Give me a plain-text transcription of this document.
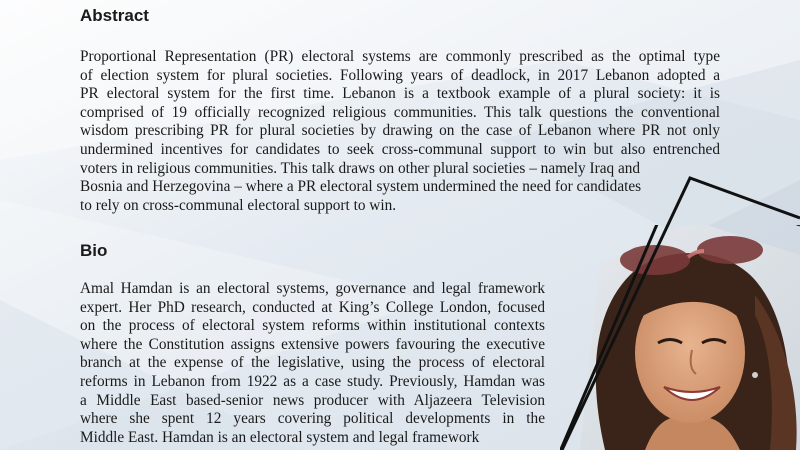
Abstract
Proportional Representation (PR) electoral systems are commonly prescribed as the optimal type
of election system for plural societies. Following years of deadlock, in 2017 Lebanon adopted a
PR electoral system for the first time. Lebanon is a textbook example of a plural society: it is
comprised of 19 officially recognized religious communities. This talk questions the conventional
wisdom prescribing PR for plural societies by drawing on the case of Lebanon where PR not only
undermined incentives for candidates to seek cross-communal support to win but also entrenched
voters in religious communities. This talk draws on other plural societies – namely Iraq and
Bosnia and Herzegovina – where a PR electoral system undermined the need for candidates
to rely on cross-communal electoral support to win.
Bio
Amal Hamdan is an electoral systems, governance and legal framework
expert. Her PhD research, conducted at King’s College London, focused
on the process of electoral system reforms within institutional contexts
where the Constitution assigns extensive powers favouring the executive
branch at the expense of the legislative, using the process of electoral
reforms in Lebanon from 1922 as a case study. Previously, Hamdan was
a Middle East based-senior news producer with Aljazeera Television
where she spent 12 years covering political developments in the
Middle East. Hamdan is an electoral system and legal framework
